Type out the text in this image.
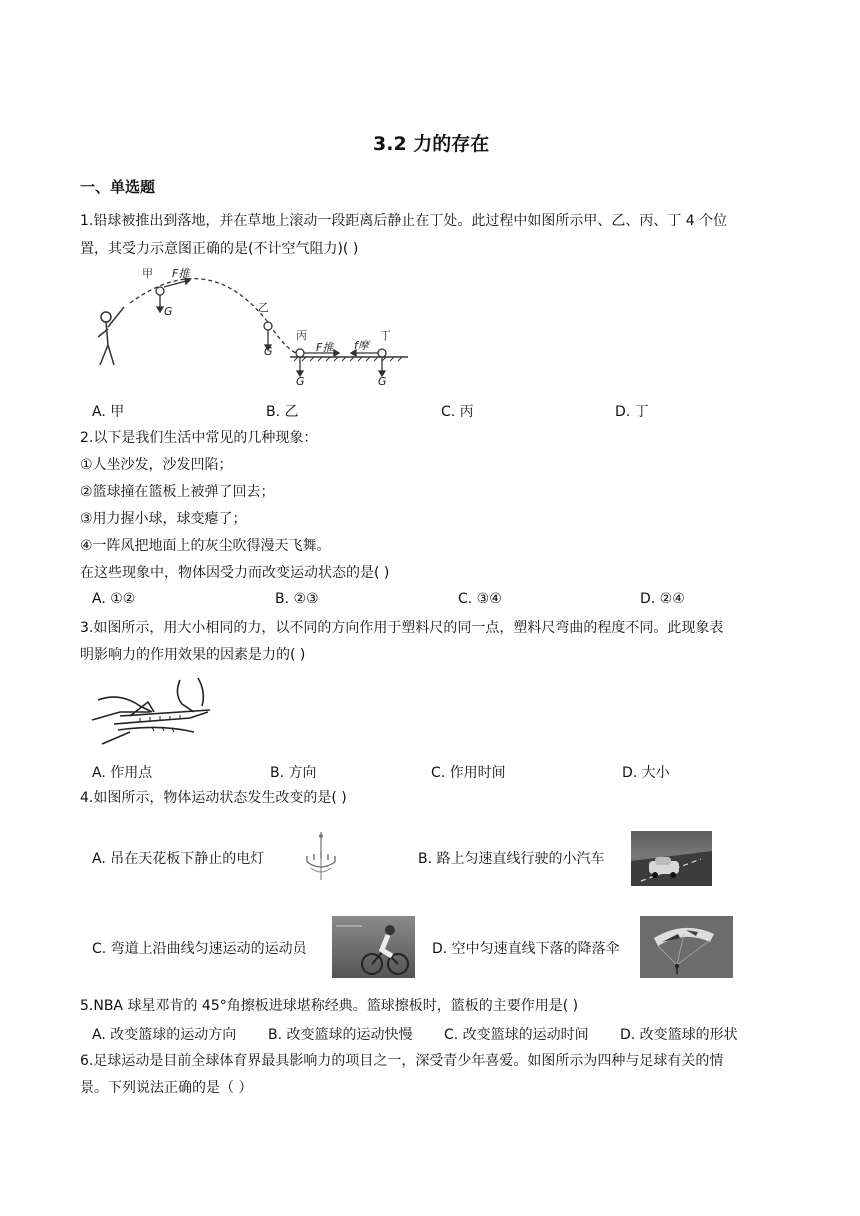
3.2 力的存在
一、单选题
1.铅球被推出到落地，并在草地上滚动一段距离后静止在丁处。此过程中如图所示甲、乙、丙、丁 4 个位
置，其受力示意图正确的是(不计空气阻力)( )
甲 F推
G	乙
G
丙
F推
G
f摩
丁
G
A. 甲	B. 乙	C. 丙	D. 丁
2.以下是我们生活中常见的几种现象：
①人坐沙发，沙发凹陷；
②篮球撞在篮板上被弹了回去；
③用力握小球，球变瘪了；
④一阵风把地面上的灰尘吹得漫天飞舞。
在这些现象中，物体因受力而改变运动状态的是( )
A. ①②	B. ②③	C. ③④	D. ②④
3.如图所示，用大小相同的力，以不同的方向作用于塑料尺的同一点，塑料尺弯曲的程度不同。此现象表
明影响力的作用效果的因素是力的( )
A. 作用点	B. 方向	C. 作用时间	D. 大小
4.如图所示，物体运动状态发生改变的是( )
A. 吊在天花板下静止的电灯	B. 路上匀速直线行驶的小汽车
C. 弯道上沿曲线匀速运动的运动员	D. 空中匀速直线下落的降落伞
5.NBA 球星邓肯的 45°角擦板进球堪称经典。篮球擦板时，篮板的主要作用是( )
A. 改变篮球的运动方向 B. 改变篮球的运动快慢 C. 改变篮球的运动时间 D. 改变篮球的形状
6.足球运动是目前全球体育界最具影响力的项目之一，深受青少年喜爱。如图所示为四种与足球有关的情
景。下列说法正确的是（ ）
